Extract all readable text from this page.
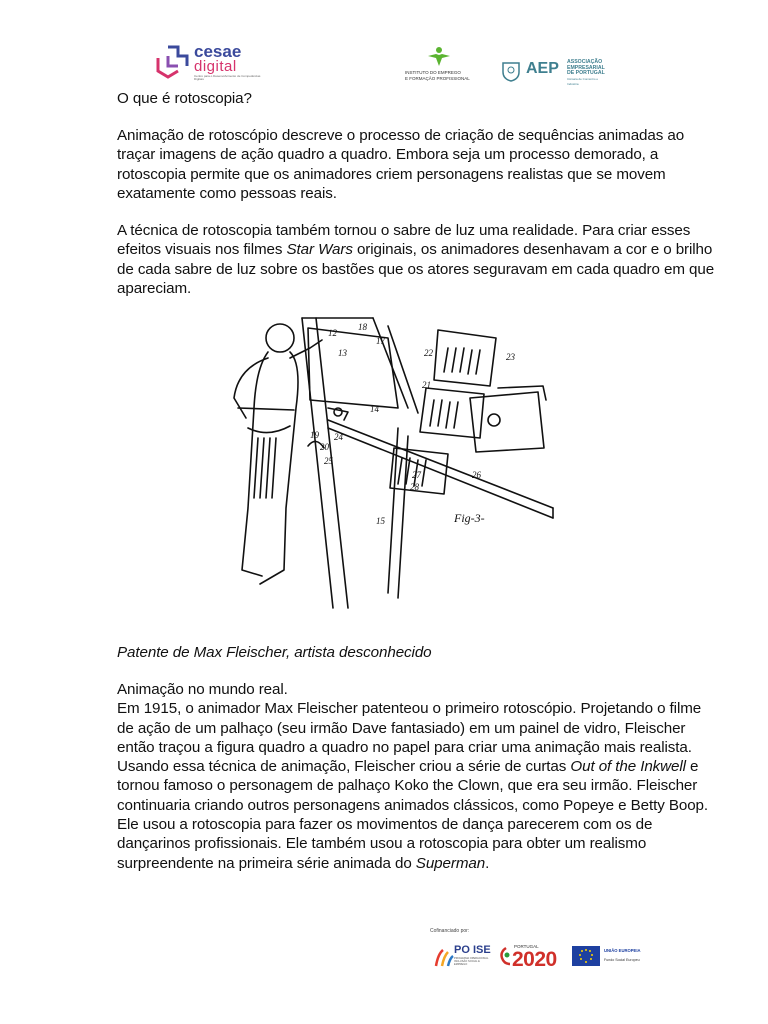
cesae
digital
Centro para o Desenvolvimento de Competências Digitais
INSTITUTO DO EMPREGO
E FORMAÇÃO PROFISSIONAL
AEP ASSOCIAÇÃO
EMPRESARIAL
DE PORTUGAL
Câmara de Comércio e Indústria
O que é rotoscopia?

Animação de rotoscópio descreve o processo de criação de sequências animadas ao traçar imagens de ação quadro a quadro. Embora seja um processo demorado, a rotoscopia permite que os animadores criem personagens realistas que se movem exatamente como pessoas reais.

A técnica de rotoscopia também tornou o sabre de luz uma realidade. Para criar esses efeitos visuais nos filmes Star Wars originais, os animadores desenhavam a cor e o brilho de cada sabre de luz sobre os bastões que os atores seguravam em cada quadro em que apareciam.

12
13
18
17
14
15
19
20
21
22	23
24
25
26
27
28
Fig-3-
Patente de Max Fleischer, artista desconhecido

Animação no mundo real.

Em 1915, o animador Max Fleischer patenteou o primeiro rotoscópio. Projetando o filme de ação de um palhaço (seu irmão Dave fantasiado) em um painel de vidro, Fleischer então traçou a figura quadro a quadro no papel para criar uma animação mais realista. Usando essa técnica de animação, Fleischer criou a série de curtas Out of the Inkwell e tornou famoso o personagem de palhaço Koko the Clown, que era seu irmão. Fleischer continuaria criando outros personagens animados clássicos, como Popeye e Betty Boop. Ele usou a rotoscopia para fazer os movimentos de dança parecerem com os de dançarinos profissionais. Ele também usou a rotoscopia para obter um realismo surpreendente na primeira série animada do Superman.

Cofinanciado por:
PO ISE
PROGRAMA OPERACIONAL INCLUSÃO SOCIAL E EMPREGO
PORTUGAL
2020	UNIÃO EUROPEIA
Fundo Social Europeu
